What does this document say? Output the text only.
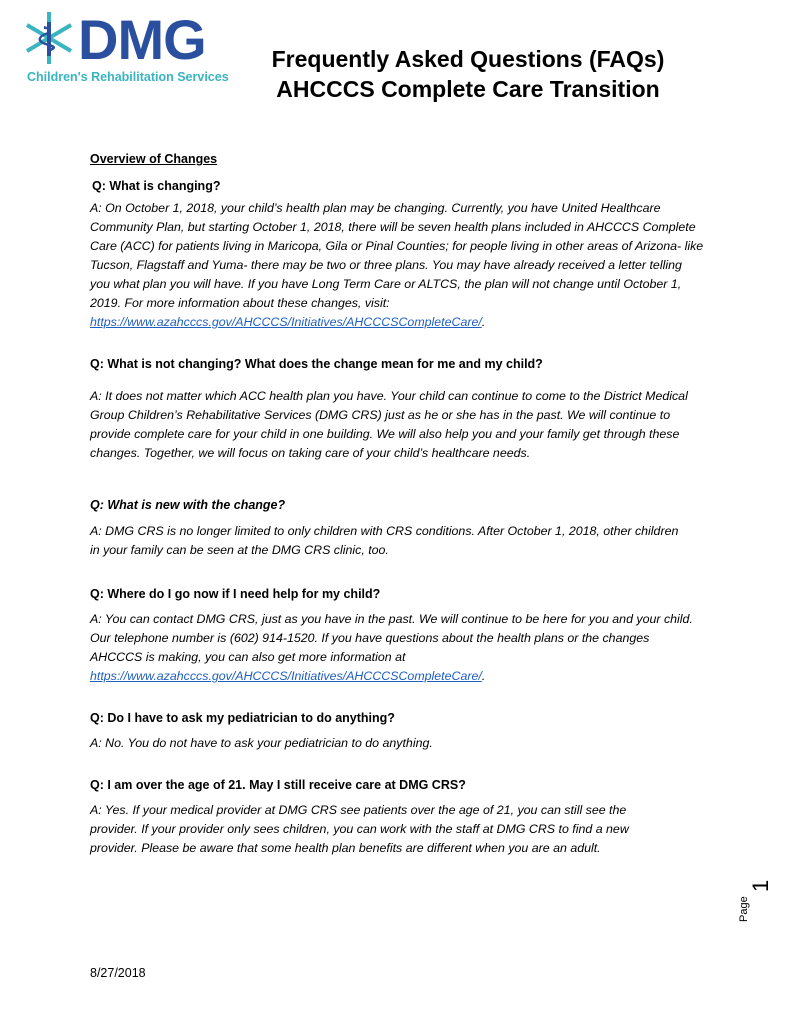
DMG
Children's Rehabilitation Services
Frequently Asked Questions (FAQs)
AHCCCS Complete Care Transition

Overview of Changes

Q: What is changing?

A: On October 1, 2018, your child’s health plan may be changing. Currently, you have United Healthcare Community Plan, but starting October 1, 2018, there will be seven health plans included in AHCCCS Complete Care (ACC) for patients living in Maricopa, Gila or Pinal Counties; for people living in other areas of Arizona- like Tucson, Flagstaff and Yuma- there may be two or three plans. You may have already received a letter telling you what plan you will have. If you have Long Term Care or ALTCS, the plan will not change until October 1, 2019. For more information about these changes, visit: https://www.azahcccs.gov/AHCCCS/Initiatives/AHCCCSCompleteCare/.

Q: What is not changing? What does the change mean for me and my child?

A: It does not matter which ACC health plan you have. Your child can continue to come to the District Medical Group Children’s Rehabilitative Services (DMG CRS) just as he or she has in the past. We will continue to provide complete care for your child in one building. We will also help you and your family get through these changes. Together, we will focus on taking care of your child’s healthcare needs.

Q: What is new with the change?

A: DMG CRS is no longer limited to only children with CRS conditions. After October 1, 2018, other children in your family can be seen at the DMG CRS clinic, too.

Q: Where do I go now if I need help for my child?

A: You can contact DMG CRS, just as you have in the past. We will continue to be here for you and your child. Our telephone number is (602) 914-1520. If you have questions about the health plans or the changes AHCCCS is making, you can also get more information at https://www.azahcccs.gov/AHCCCS/Initiatives/AHCCCSCompleteCare/.

Q: Do I have to ask my pediatrician to do anything?

A: No. You do not have to ask your pediatrician to do anything.

Q: I am over the age of 21. May I still receive care at DMG CRS?

A: Yes. If your medical provider at DMG CRS see patients over the age of 21, you can still see the provider. If your provider only sees children, you can work with the staff at DMG CRS to find a new provider. Please be aware that some health plan benefits are different when you are an adult.

8/27/2018
Page
1
